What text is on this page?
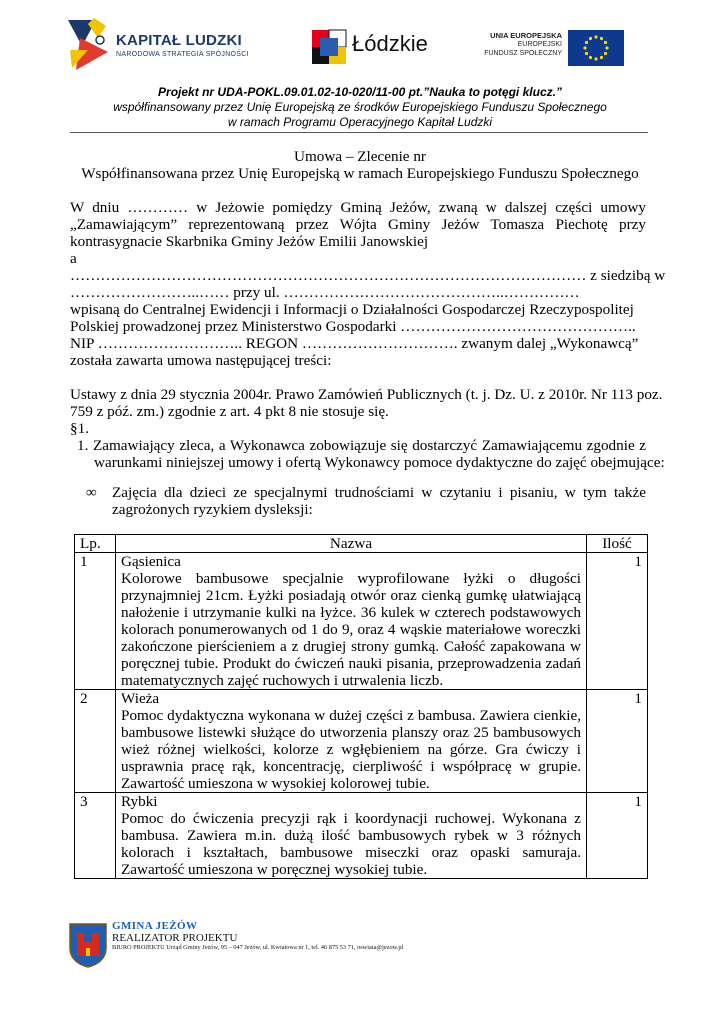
KAPITAŁ LUDZKI
NARODOWA STRATEGIA SPÓJNOŚCI	Łódzkie	UNIA EUROPEJSKA
EUROPEJSKI
FUNDUSZ SPOŁECZNY
Projekt nr UDA-POKL.09.01.02-10-020/11-00 pt.”Nauka to potęgi klucz.”
współfinansowany przez Unię Europejską ze środków Europejskiego Funduszu Społecznego
w ramach Programu Operacyjnego Kapitał Ludzki
Umowa – Zlecenie nr
Współfinansowana przez Unię Europejską w ramach Europejskiego Funduszu Społecznego
W dniu ………… w Jeżowie pomiędzy Gminą Jeżów, zwaną w dalszej części umowy
„Zamawiającym” reprezentowaną przez Wójta Gminy Jeżów Tomasza Piechotę przy
kontrasygnacie Skarbnika Gminy Jeżów Emilii Janowskiej
a
………………………………………………………………………………………… z siedzibą w
……………………..…… przy ul. ……………………………………..……………
wpisaną do Centralnej Ewidencji i Informacji o Działalności Gospodarczej Rzeczypospolitej
Polskiej prowadzonej przez Ministerstwo Gospodarki ………………………………………..
NIP ……………………….. REGON …………………………. zwanym dalej „Wykonawcą”
została zawarta umowa następującej treści:
Ustawy z dnia 29 stycznia 2004r. Prawo Zamówień Publicznych (t. j. Dz. U. z 2010r. Nr 113 poz.
759 z póź. zm.) zgodnie z art. 4 pkt 8 nie stosuje się.
§1.
1. Zamawiający zleca, a Wykonawca zobowiązuje się dostarczyć Zamawiającemu zgodnie z
warunkami niniejszej umowy i ofertą Wykonawcy pomoce dydaktyczne do zajęć obejmujące:
∞ Zajęcia dla dzieci ze specjalnymi trudnościami w czytaniu i pisaniu, w tym także
zagrożonych ryzykiem dysleksji:
Lp.	Nazwa	Ilość
1	Gąsienica
Kolorowe bambusowe specjalnie wyprofilowane łyżki o długości przynajmniej 21cm. Łyżki posiadają otwór oraz cienką gumkę ułatwiającą nałożenie i utrzymanie kulki na łyżce. 36 kulek w czterech podstawowych kolorach ponumerowanych od 1 do 9, oraz 4 wąskie materiałowe woreczki zakończone pierścieniem a z drugiej strony gumką. Całość zapakowana w poręcznej tubie. Produkt do ćwiczeń nauki pisania, przeprowadzenia zadań matematycznych zajęć ruchowych i utrwalenia liczb.	1
2	Wieża
Pomoc dydaktyczna wykonana w dużej części z bambusa. Zawiera cienkie, bambusowe listewki służące do utworzenia planszy oraz 25 bambusowych wież różnej wielkości, kolorze z wgłębieniem na górze. Gra ćwiczy i usprawnia pracę rąk, koncentrację, cierpliwość i współpracę w grupie. Zawartość umieszona w wysokiej kolorowej tubie.	1
3	Rybki
Pomoc do ćwiczenia precyzji rąk i koordynacji ruchowej. Wykonana z bambusa. Zawiera m.in. dużą ilość bambusowych rybek w 3 różnych kolorach i kształtach, bambusowe miseczki oraz opaski samuraja. Zawartość umieszona w poręcznej wysokiej tubie.	1
GMINA JEŻÓW
REALIZATOR PROJEKTU
BIURO PROJEKTU Urząd Gminy Jeżów, 95 – 047 Jeżów, ul. Kwiatowa nr 1, tel. 46 875 53 71, oswiata@jezow.pl
